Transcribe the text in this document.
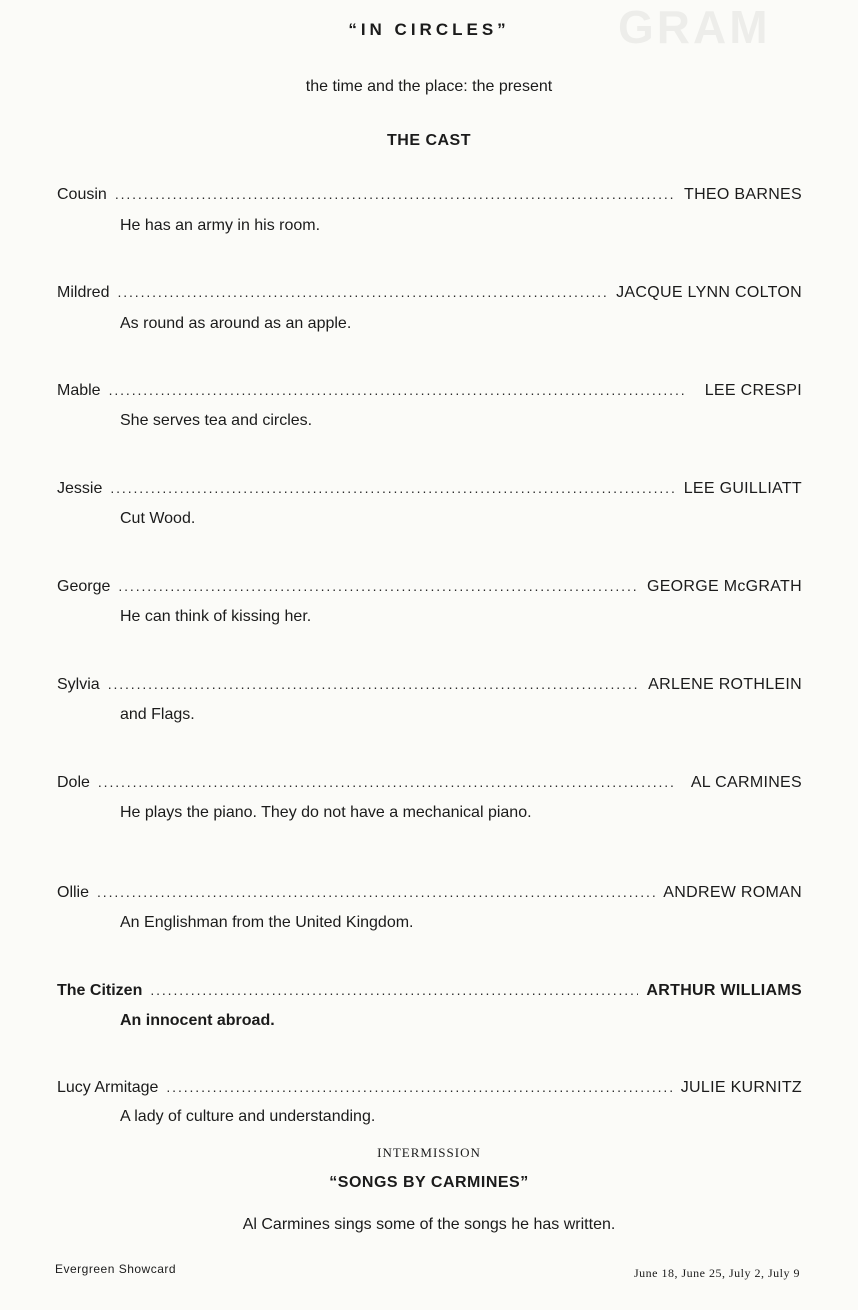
GRAM
“IN CIRCLES”
the time and the place: the present
THE CAST
Cousin . . .	THEO BARNES
He has an army in his room.
Mildred . . .	JACQUE LYNN COLTON
As round as around as an apple.
Mable . . .	LEE CRESPI
She serves tea and circles.
Jessie . . .	LEE GUILLIATT
Cut Wood.
George . . .	GEORGE McGRATH
He can think of kissing her.
Sylvia . . .	ARLENE ROTHLEIN
and Flags.
Dole . . .	AL CARMINES
He plays the piano. They do not have a mechanical piano.
Ollie . . .	ANDREW ROMAN
An Englishman from the United Kingdom.
The Citizen . . .	ARTHUR WILLIAMS
An innocent abroad.
Lucy Armitage . . .	JULIE KURNITZ
A lady of culture and understanding.
INTERMISSION
“SONGS BY CARMINES”
Al Carmines sings some of the songs he has written.
Evergreen Showcard	June 18, June 25, July 2, July 9
